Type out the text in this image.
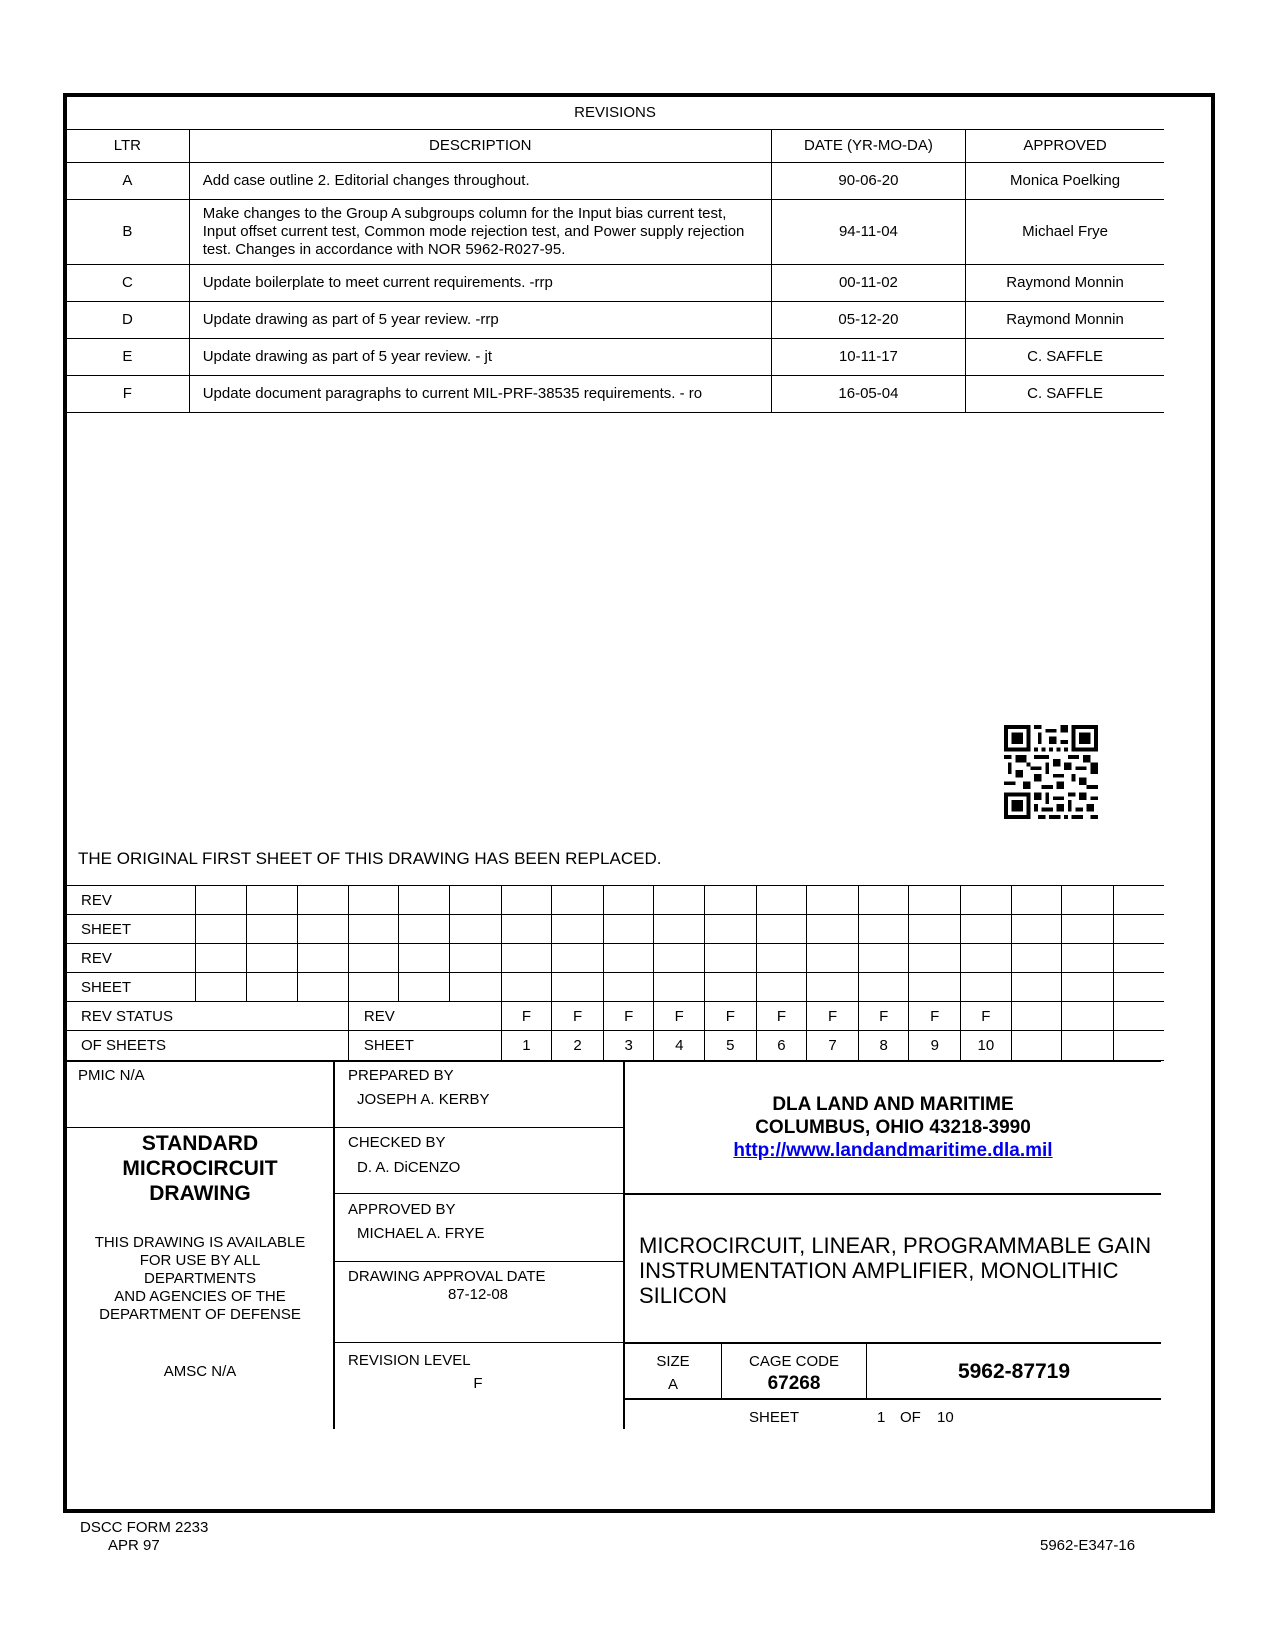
REVISIONS			
LTR	DESCRIPTION	DATE (YR-MO-DA)	APPROVED
A	Add case outline 2. Editorial changes throughout.	90-06-20	Monica Poelking
B	Make changes to the Group A subgroups column for the Input bias current test, Input offset current test, Common mode rejection test, and Power supply rejection test. Changes in accordance with NOR 5962-R027-95.	94-11-04	Michael Frye
C	Update boilerplate to meet current requirements. -rrp	00-11-02	Raymond Monnin
D	Update drawing as part of 5 year review. -rrp	05-12-20	Raymond Monnin
E	Update drawing as part of 5 year review. - jt	10-11-17	C. SAFFLE
F	Update document paragraphs to current MIL-PRF-38535 requirements. - ro	16-05-04	C. SAFFLE
THE ORIGINAL FIRST SHEET OF THIS DRAWING HAS BEEN REPLACED.
REV																			
SHEET																			
REV																			
SHEET																			
REV STATUS				REV			F	F	F	F	F	F	F	F	F	F			
OF SHEETS				SHEET			1	2	3	4	5	6	7	8	9	10			
PMIC N/A
STANDARD
MICROCIRCUIT
DRAWING
THIS DRAWING IS AVAILABLE
FOR USE BY ALL
DEPARTMENTS
AND AGENCIES OF THE
DEPARTMENT OF DEFENSE
AMSC N/A
PREPARED BY
JOSEPH A. KERBY
CHECKED BY
D. A. DiCENZO
APPROVED BY
MICHAEL A. FRYE
DRAWING APPROVAL DATE
87-12-08
REVISION LEVEL
F
DLA LAND AND MARITIME
COLUMBUS, OHIO 43218-3990
http://www.landandmaritime.dla.mil
MICROCIRCUIT, LINEAR, PROGRAMMABLE GAIN
INSTRUMENTATION AMPLIFIER, MONOLITHIC
SILICON
SIZE
A
CAGE CODE
67268
5962-87719
SHEET	1 OF 10
DSCC FORM 2233
APR 97	5962-E347-16
